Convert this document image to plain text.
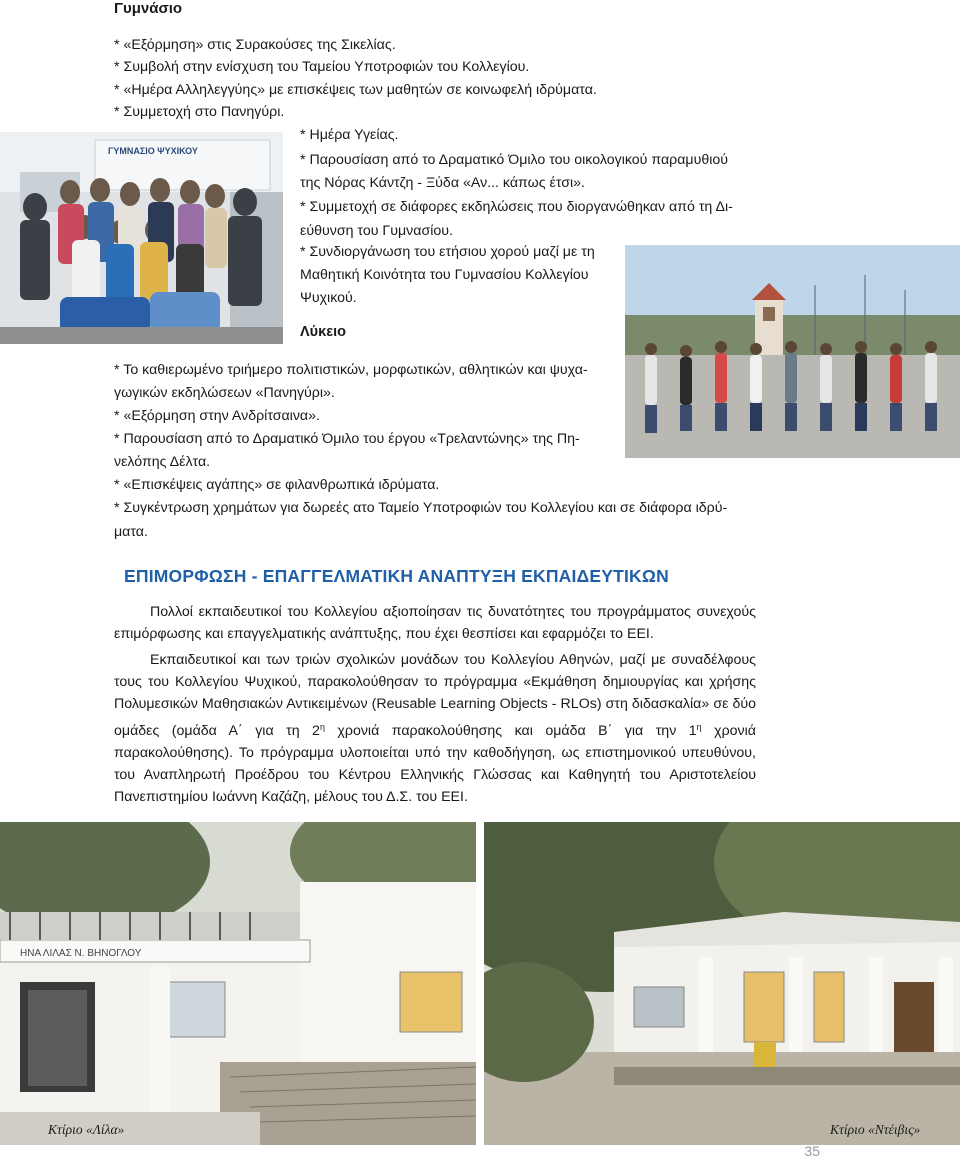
Γυμνάσιο
* «Εξόρμηση» στις Συρακούσες της Σικελίας.
* Συμβολή στην ενίσχυση του Ταμείου Υποτροφιών του Κολλεγίου.
* «Ημέρα Αλληλεγγύης» με επισκέψεις των μαθητών σε κοινωφελή ιδρύματα.
* Συμμετοχή στο Πανηγύρι.
* Ημέρα Υγείας.
* Παρουσίαση από το Δραματικό Όμιλο του οικολογικού παραμυθιού
της Νόρας Κάντζη - Ξύδα «Αν... κάπως έτσι».
* Συμμετοχή σε διάφορες εκδηλώσεις που διοργανώθηκαν από τη Δι-
εύθυνση του Γυμνασίου.
* Συνδιοργάνωση του ετήσιου χορού μαζί με τη
Μαθητική Κοινότητα του Γυμνασίου Κολλεγίου
Ψυχικού.
ΓΥΜΝΑΣΙΟ ΨΥΧΙΚΟΥ
Λύκειο
* Το καθιερωμένο τριήμερο πολιτιστικών, μορφωτικών, αθλητικών και ψυχα-
γωγικών εκδηλώσεων «Πανηγύρι».
* «Εξόρμηση στην Ανδρίτσαινα».
* Παρουσίαση από το Δραματικό Όμιλο του έργου «Τρελαντώνης» της Πη-
νελόπης Δέλτα.
* «Επισκέψεις αγάπης» σε φιλανθρωπικά ιδρύματα.
* Συγκέντρωση χρημάτων για δωρεές ατο Ταμείο Υποτροφιών του Κολλεγίου και σε διάφορα ιδρύ-
ματα.
ΕΠΙΜΟΡΦΩΣΗ - ΕΠΑΓΓΕΛΜΑΤΙΚΗ ΑΝΑΠΤΥΞΗ ΕΚΠΑΙΔΕΥΤΙΚΩΝ

Πολλοί εκπαιδευτικοί του Κολλεγίου αξιοποίησαν τις δυνατότητες του προγράμματος συνεχούς επιμόρφωσης και επαγγελματικής ανάπτυξης, που έχει θεσπίσει και εφαρμόζει το ΕΕΙ.

Εκπαιδευτικοί και των τριών σχολικών μονάδων του Κολλεγίου Αθηνών, μαζί με συναδέλφους τους του Κολλεγίου Ψυχικού, παρακολούθησαν το πρόγραμμα «Εκμάθηση δημιουργίας και χρήσης Πολυμεσικών Μαθησιακών Αντικειμένων (Reusable Learning Objects - RLOs) στη διδασκαλία» σε δύο ομάδες (ομάδα Α΄ για τη $2^\eta$ χρονιά παρακολούθησης και ομάδα Β΄ για την $1^\eta$ χρονιά παρακολούθησης). Το πρόγραμμα υλοποιείται υπό την καθοδήγηση, ως επιστημονικού υπευθύνου, του Αναπληρωτή Προέδρου του Κέντρου Ελληνικής Γλώσσας και Καθηγητή του Αριστοτελείου Πανεπιστημίου Ιωάννη Καζάζη, μέλους του Δ.Σ. του ΕΕΙ.

ΗΝΑ ΛΙΛΑΣ Ν. ΒΗΝΟΓΛΟΥ
Κτίριο «Λίλα»	Κτίριο «Ντέιβις»
35
